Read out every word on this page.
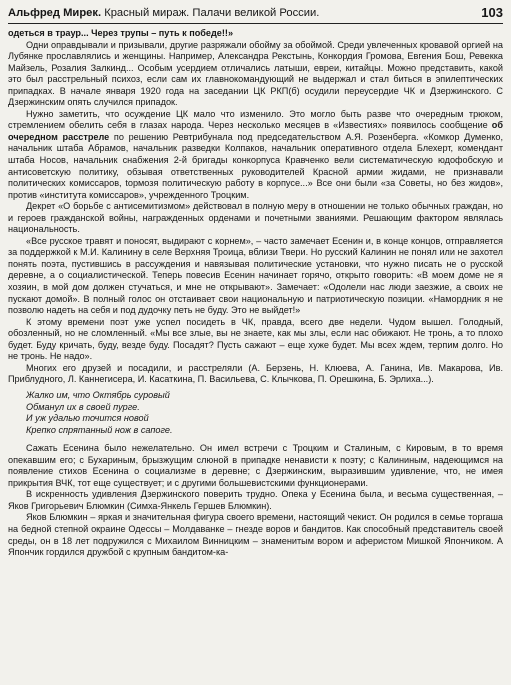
Альфред Мирек. Красный мираж. Палачи великой России.	103

одеться в траур... Через трупы – путь к победе!!»

Одни оправдывали и призывали, другие разряжали обойму за обоймой. Среди увлеченных кровавой оргией на Лубянке прославлялись и женщины. Например, Александра Рекстынь, Конкордия Громова, Евгения Бош, Ревекка Майзель, Розалия Залкинд... Особым усердием отличались латыши, евреи, китайцы. Можно представить, какой это был расстрельный психоз, если сам их главнокомандующий не выдержал и стал биться в эпилептических припадках. В начале января 1920 года на заседании ЦК РКП(б) осудили переусердие ЧК и Дзержинского. С Дзержинским опять случился припадок.

Нужно заметить, что осуждение ЦК мало что изменило. Это могло быть разве что очередным трюком, стремлением обелить себя в глазах народа. Через несколько месяцев в «Известиях» появилось сообщение об очередном расстреле по решению Ревтрибунала под председательством А.Я. Розенберга. «Комкор Думенко, начальник штаба Абрамов, начальник разведки Колпаков, начальник оперативного отдела Блехерт, комендант штаба Носов, начальник снабжения 2-й бригады конкорпуса Кравченко вели систематическую юдофобскую и антисоветскую политику, обзывая ответственных руководителей Красной армии жидами, не признавали политических комиссаров, topмозя политическую работу в корпусе...» Все они были «за Советы, но без жидов», против «института комиссаров», учрежденного Троцким.

Декрет «О борьбе с антисемитизмом» действовал в полную меру в отношении не только обычных граждан, но и героев гражданской войны, награжденных орденами и почетными званиями. Решающим фактором являлась национальность.

«Все русское травят и поносят, выдирают с корнем», – часто замечает Есенин и, в конце концов, отправляется за поддержкой к М.И. Калинину в селе Верхняя Троица, вблизи Твери. Но русский Калинин не понял или не захотел понять поэта, пустившись в рассуждения и навязывая политические установки, что нужно писать не о русской деревне, а о социалистической. Теперь повесив Есенин начинает горячо, открыто говорить: «В моем доме не я хозяин, в мой дом должен стучаться, и мне не открывают». Замечает: «Одолели нас люди заезжие, а своих не пускают домой». В полный голос он отстаивает свои национальную и патриотическую позиции. «Намордник я не позволю надеть на себя и под дудочку петь не буду. Это не выйдет!»

К этому времени поэт уже успел посидеть в ЧК, правда, всего две недели. Чудом вышел. Голодный, обозленный, но не сломленный. «Мы все злые, вы не знаете, как мы злы, если нас обижают. Не тронь, а то плохо будет. Буду кричать, буду, везде буду. Посадят? Пусть сажают – еще хуже будет. Мы всех ждем, терпим долго. Но не тронь. Не надо».

Многих его друзей и посадили, и расстреляли (А. Берзень, Н. Клюева, А. Ганина, Ив. Макарова, Ив. Приблудного, Л. Каннегисера, И. Касаткина, П. Васильева, С. Клычкова, П. Орешкина, Б. Эрлиха...).

Жалко им, что Октябрь суровый
Обманул их в своей пурге.
И уж удалью точится новой
Крепко спрятанный нож в сапоге.

Сажать Есенина было нежелательно. Он имел встречи с Троцким и Сталиным, с Кировым, в то время опекавшим его; с Бухариным, брызжущим слюной в припадке ненависти к поэту; с Калининым, надеющимся на появление стихов Есенина о социализме в деревне; с Дзержинским, выразившим удивление, что, не имея прикрытия ВЧК, тот еще существует; и с другими большевистскими функционерами.

В искренность удивления Дзержинского поверить трудно. Опека у Есенина была, и весьма существенная, – Яков Григорьевич Блюмкин (Симха-Янкель Гершев Блюмкин).

Яков Блюмкин – яркая и значительная фигура своего времени, настоящий чекист. Он родился в семье торгаша на бедной степной окраине Одессы – Молдаванке – гнезде воров и бандитов. Как способный представитель своей среды, он в 18 лет подружился с Михаилом Винницким – знаменитым вором и аферистом Мишкой Япончиком. А Япончик гордился дружбой с крупным бандитом-ка-
